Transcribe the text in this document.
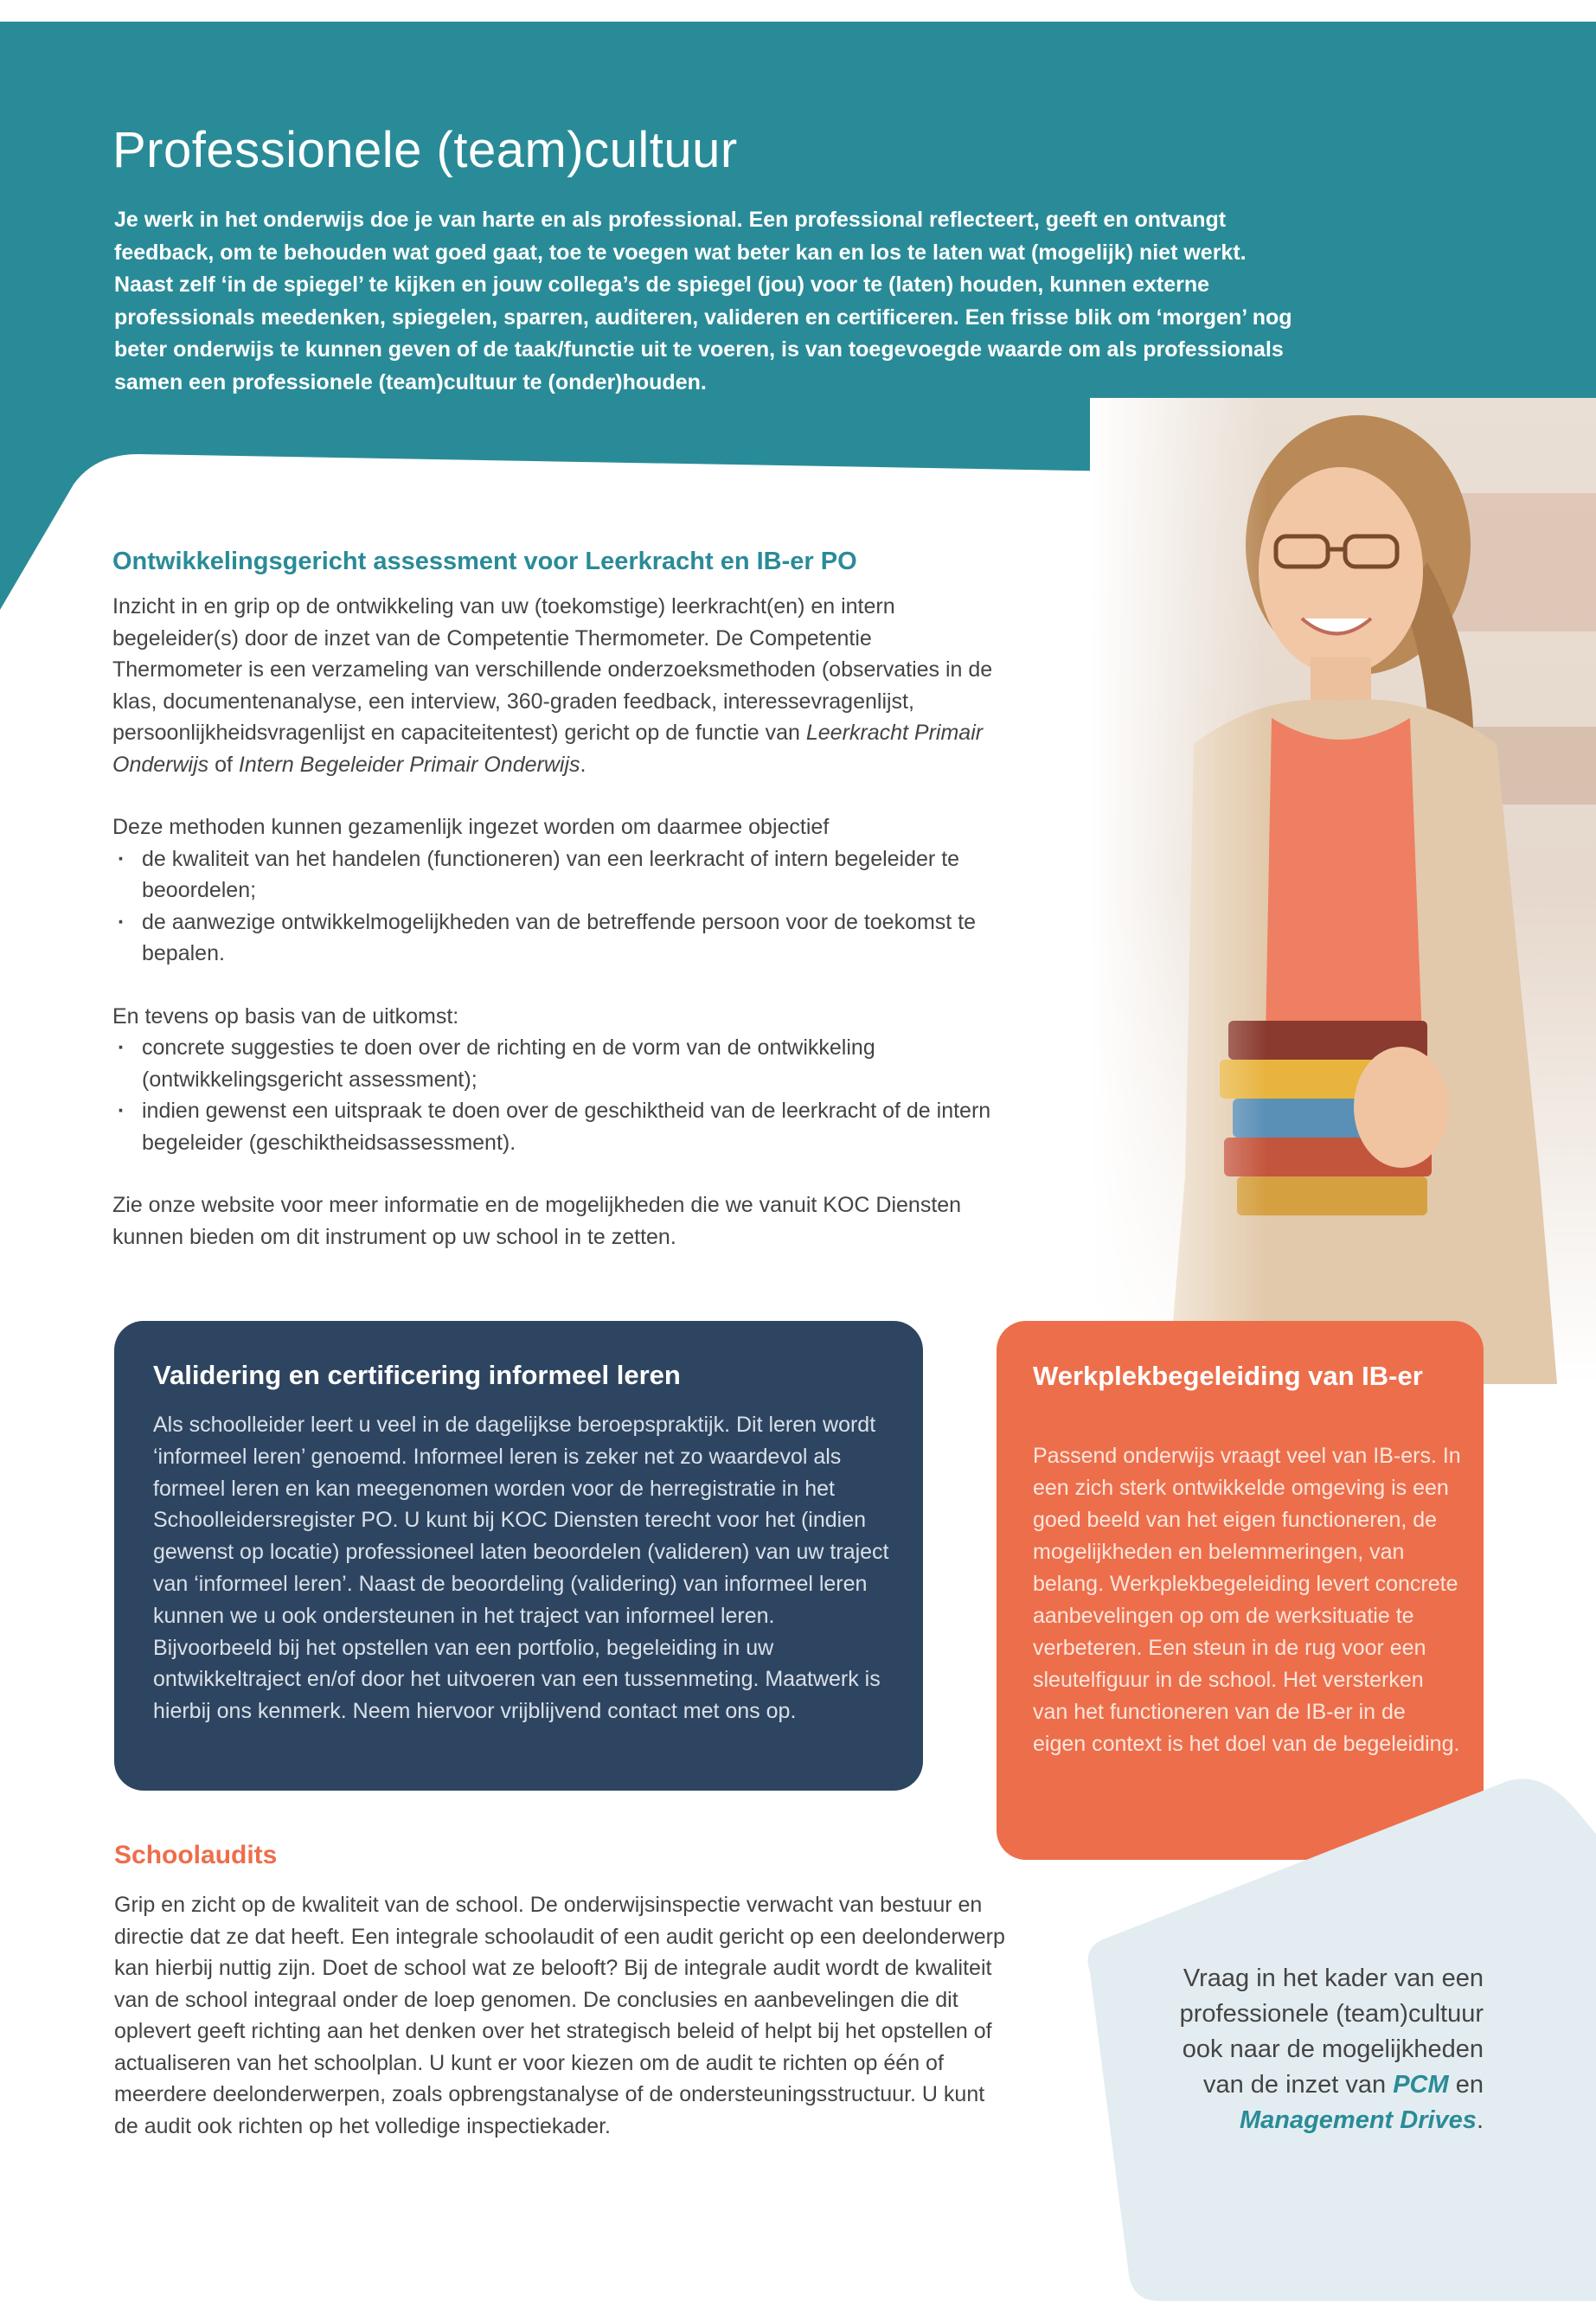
Professionele (team)cultuur

Je werk in het onderwijs doe je van harte en als professional. Een professional reflecteert, geeft en ontvangt feedback, om te behouden wat goed gaat, toe te voegen wat beter kan en los te laten wat (mogelijk) niet werkt. Naast zelf ‘in de spiegel’ te kijken en jouw collega’s de spiegel (jou) voor te (laten) houden, kunnen externe professionals meedenken, spiegelen, sparren, auditeren, valideren en certificeren. Een frisse blik om ‘morgen’ nog beter onderwijs te kunnen geven of de taak/functie uit te voeren, is van toegevoegde waarde om als professionals samen een professionele (team)cultuur te (onder)houden.

Ontwikkelingsgericht assessment voor Leerkracht en IB-er PO

Inzicht in en grip op de ontwikkeling van uw (toekomstige) leerkracht(en) en intern begeleider(s) door de inzet van de Competentie Thermometer. De Competentie Thermometer is een verzameling van verschillende onderzoeksmethoden (observaties in de klas, documentenanalyse, een interview, 360-graden feedback, interessevragenlijst, persoonlijkheidsvragenlijst en capaciteitentest) gericht op de functie van Leerkracht Primair Onderwijs of Intern Begeleider Primair Onderwijs.

Deze methoden kunnen gezamenlijk ingezet worden om daarmee objectief

· de kwaliteit van het handelen (functioneren) van een leerkracht of intern begeleider te beoordelen;
· de aanwezige ontwikkelmogelijkheden van de betreffende persoon voor de toekomst te bepalen.

En tevens op basis van de uitkomst:

· concrete suggesties te doen over de richting en de vorm van de ontwikkeling (ontwikkelingsgericht assessment);
· indien gewenst een uitspraak te doen over de geschiktheid van de leerkracht of de intern begeleider (geschiktheidsassessment).

Zie onze website voor meer informatie en de mogelijkheden die we vanuit KOC Diensten kunnen bieden om dit instrument op uw school in te zetten.

Validering en certificering informeel leren

Als schoolleider leert u veel in de dagelijkse beroepspraktijk. Dit leren wordt ‘informeel leren’ genoemd. Informeel leren is zeker net zo waardevol als formeel leren en kan meegenomen worden voor de herregistratie in het Schoolleidersregister PO. U kunt bij KOC Diensten terecht voor het (indien gewenst op locatie) professioneel laten beoordelen (valideren) van uw traject van ‘informeel leren’. Naast de beoordeling (validering) van informeel leren kunnen we u ook ondersteunen in het traject van informeel leren. Bijvoorbeeld bij het opstellen van een portfolio, begeleiding in uw ontwikkeltraject en/of door het uitvoeren van een tussenmeting. Maatwerk is hierbij ons kenmerk. Neem hiervoor vrijblijvend contact met ons op.

Werkplekbegeleiding van IB-er

Passend onderwijs vraagt veel van IB-ers. In een zich sterk ontwikkelde omgeving is een goed beeld van het eigen functioneren, de mogelijkheden en belemmeringen, van belang. Werkplekbegeleiding levert concrete aanbevelingen op om de werksituatie te verbeteren. Een steun in de rug voor een sleutelfiguur in de school. Het versterken van het functioneren van de IB-er in de eigen context is het doel van de begeleiding.

Schoolaudits

Grip en zicht op de kwaliteit van de school. De onderwijsinspectie verwacht van bestuur en directie dat ze dat heeft. Een integrale schoolaudit of een audit gericht op een deelonderwerp kan hierbij nuttig zijn. Doet de school wat ze belooft? Bij de integrale audit wordt de kwaliteit van de school integraal onder de loep genomen. De conclusies en aanbevelingen die dit oplevert geeft richting aan het denken over het strategisch beleid of helpt bij het opstellen of actualiseren van het schoolplan. U kunt er voor kiezen om de audit te richten op één of meerdere deelonderwerpen, zoals opbrengstanalyse of de ondersteuningsstructuur. U kunt de audit ook richten op het volledige inspectiekader.

Vraag in het kader van een professionele (team)cultuur ook naar de mogelijkheden van de inzet van PCM en Management Drives.
